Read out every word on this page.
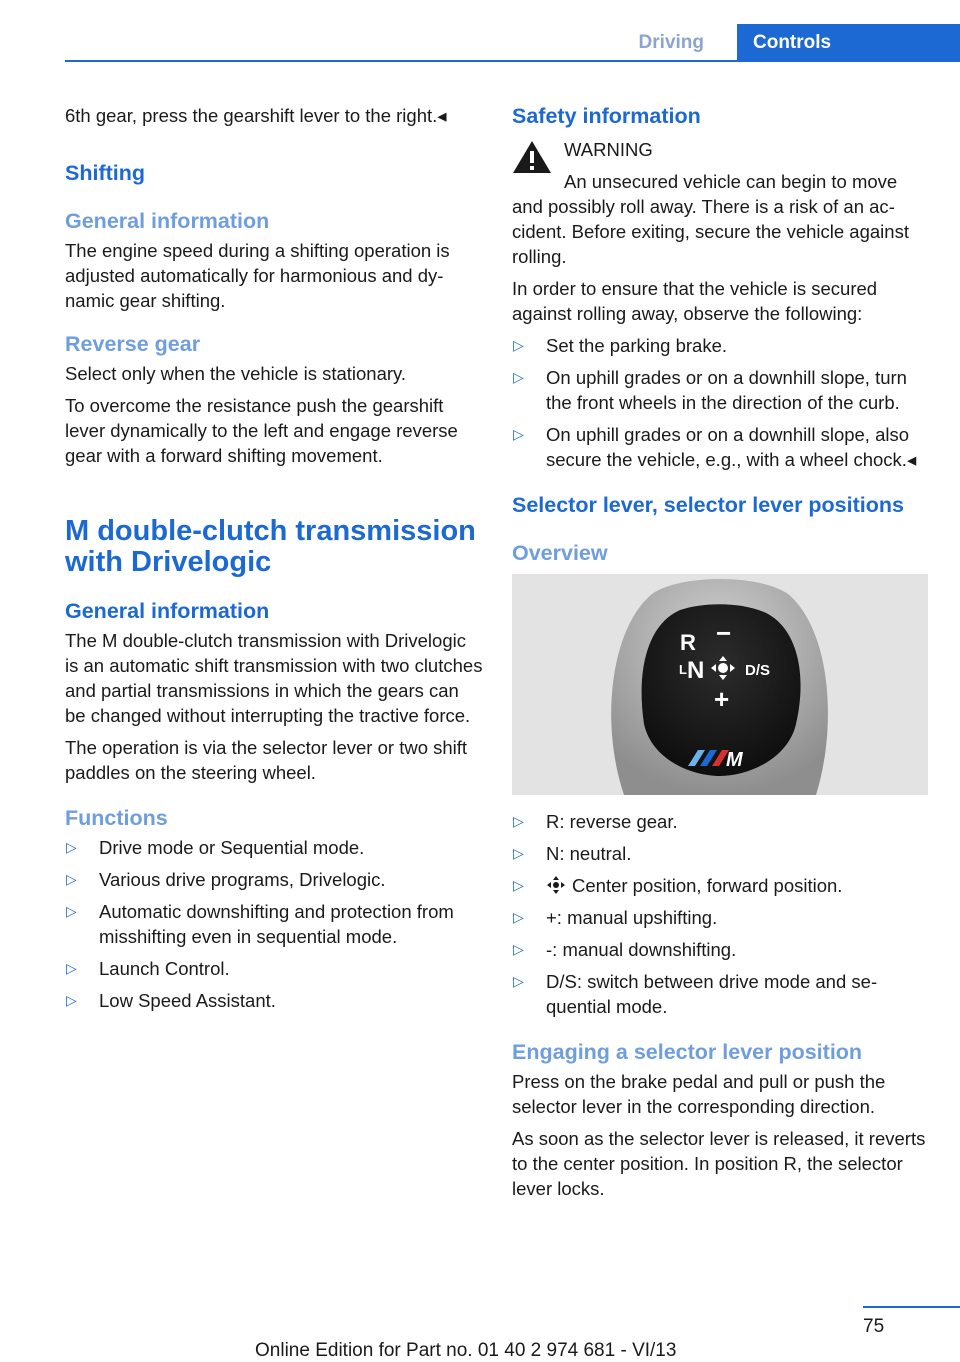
Driving	Controls

6th gear, press the gearshift lever to the right.◂

Shifting
General information

The engine speed during a shifting operation is adjusted automatically for harmonious and dynamic gear shifting.

Reverse gear

Select only when the vehicle is stationary.

To overcome the resistance push the gearshift lever dynamically to the left and engage reverse gear with a forward shifting movement.

M double-clutch transmission with Drivelogic
General information

The M double-clutch transmission with Drivelogic is an automatic shift transmission with two clutches and partial transmissions in which the gears can be changed without interrupting the tractive force.

The operation is via the selector lever or two shift paddles on the steering wheel.

Functions
▷ Drive mode or Sequential mode.
▷ Various drive programs, Drivelogic.
▷ Automatic downshifting and protection from misshifting even in sequential mode.
▷ Launch Control.
▷ Low Speed Assistant.
Safety information

WARNING

An unsecured vehicle can begin to move and possibly roll away. There is a risk of an accident. Before exiting, secure the vehicle against rolling.

In order to ensure that the vehicle is secured against rolling away, observe the following:

▷ Set the parking brake.
▷ On uphill grades or on a downhill slope, turn the front wheels in the direction of the curb.
▷ On uphill grades or on a downhill slope, also secure the vehicle, e.g., with a wheel chock.◂
Selector lever, selector lever positions
Overview
R −
L N	D/S
+
M
▷ R: reverse gear.
▷ N: neutral.
▷	Center position, forward position.
▷ +: manual upshifting.
▷ -: manual downshifting.
▷ D/S: switch between drive mode and sequential mode.
Engaging a selector lever position

Press on the brake pedal and pull or push the selector lever in the corresponding direction.

As soon as the selector lever is released, it reverts to the center position. In position R, the selector lever locks.

75
Online Edition for Part no. 01 40 2 974 681 - VI/13
